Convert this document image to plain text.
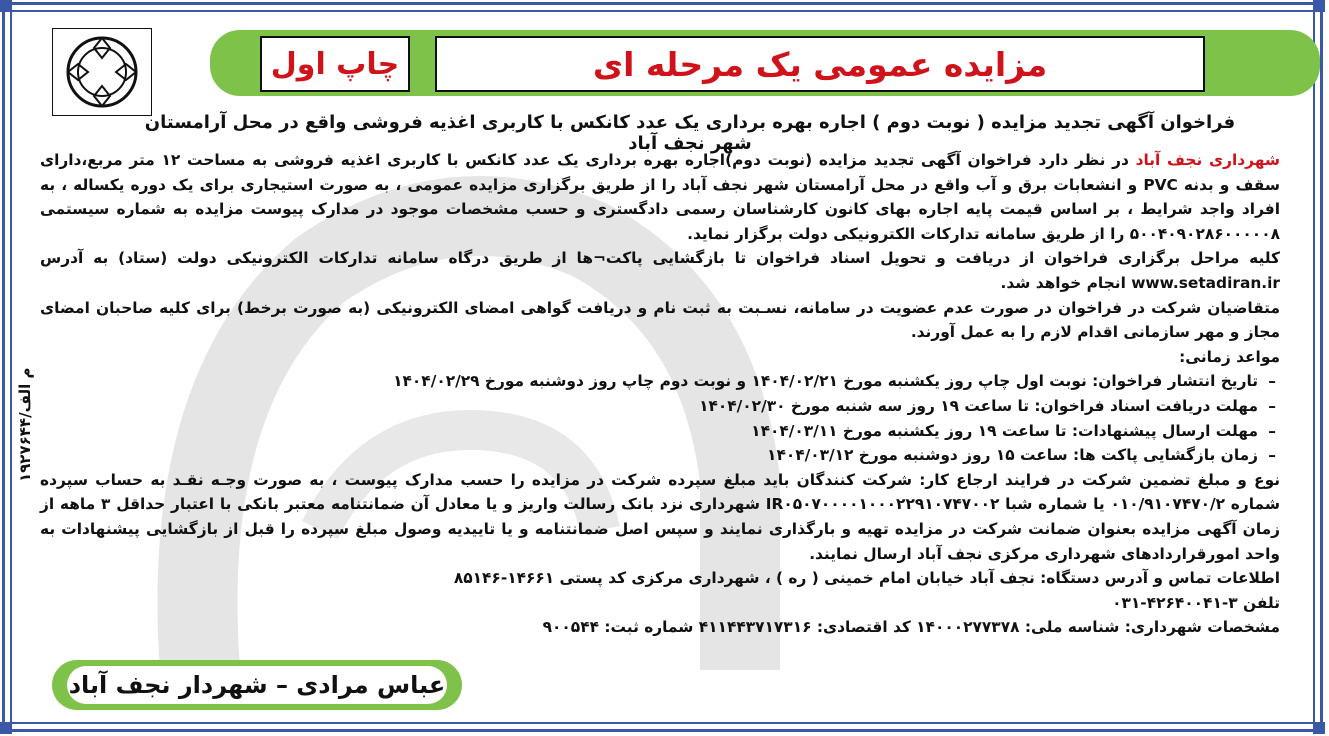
مزایده عمومی یک مرحله ای
چاپ اول
فراخوان آگهی تجدید مزایده ( نوبت دوم ) اجاره بهره برداری یک عدد کانکس با کاربری اغذیه فروشی واقع در محل آرامستان شهر نجف آباد

شهرداری نجف آباد در نظر دارد فراخوان آگهی تجدید مزایده (نوبت دوم)اجاره بهره برداری یک عدد کانکس با کاربری اغذیه فروشی به مساحت ۱۲ متر مربع،دارای سقف و بدنه PVC و انشعابات برق و آب واقع در محل آرامستان شهر نجف آباد را از طریق برگزاری مزایده عمومی ، به صورت استیجاری برای یک دوره یکساله ، به افراد واجد شرایط ، بر اساس قیمت پایه اجاره بهای کانون کارشناسان رسمی دادگستری و حسب مشخصات موجود در مدارک پیوست مزایده به شماره سیستمی ۵۰۰۴۰۹۰۲۸۶۰۰۰۰۰۸ را از طریق سامانه تدارکات الکترونیکی دولت برگزار نماید.

کلیه مراحل برگزاری فراخوان از دریافت و تحویل اسناد فراخوان تا بازگشایی پاکت¬ها از طریق درگاه سامانه تدارکات الکترونیکی دولت (ستاد) به آدرس www.setadiran.ir انجام خواهد شد.

متقاضیان شرکت در فراخوان در صورت عدم عضویت در سامانه، نسـبت به ثبت نام و دریافت گواهی امضای الکترونیکی (به صورت برخط) برای کلیه صاحبان امضای مجاز و مهر سازمانی اقدام لازم را به عمل آورند.

مواعد زمانی:

– تاریخ انتشار فراخوان: نوبت اول چاپ روز یکشنبه مورخ ۱۴۰۴/۰۲/۲۱ و نوبت دوم چاپ روز دوشنبه مورخ ۱۴۰۴/۰۲/۲۹

– مهلت دریافت اسناد فراخوان: تا ساعت ۱۹ روز سه شنبه مورخ ۱۴۰۴/۰۲/۳۰

– مهلت ارسال پیشنهادات: تا ساعت ۱۹ روز یکشنبه مورخ ۱۴۰۴/۰۳/۱۱

– زمان بازگشایی پاکت ها: ساعت ۱۵ روز دوشنبه مورخ ۱۴۰۴/۰۳/۱۲

نوع و مبلغ تضمین شرکت در فرایند ارجاع کار: شرکت کنندگان باید مبلغ سپرده شرکت در مزایده را حسب مدارک پیوست ، به صورت وجـه نقـد به حساب سپرده شماره ۰۱۰/۹۱۰۷۴۷۰/۲ یا شماره شبا IR۰۵۰۷۰۰۰۰۱۰۰۰۲۲۹۱۰۷۴۷۰۰۲ شهرداری نزد بانک رسالت واریز و یا معادل آن ضمانتنامه معتبر بانکی با اعتبار حداقل ۳ ماهه از زمان آگهی مزایده بعنوان ضمانت شرکت در مزایده تهیه و بارگذاری نمایند و سپس اصل ضمانتنامه و یا تاییدیه وصول مبلغ سپرده را قبل از بازگشایی پیشنهادات به واحد امورقراردادهای شهرداری مرکزی نجف آباد ارسال نمایند.

اطلاعات تماس و آدرس دستگاه: نجف آباد خیابان امام خمینی ( ره ) ، شهرداری مرکزی کد پستی ۱۴۶۶۱-۸۵۱۴۶

تلفن ۳-۴۲۶۴۰۰۴۱-۰۳۱

مشخصات شهرداری: شناسه ملی: ۱۴۰۰۰۲۷۷۳۷۸ کد اقتصادی: ۴۱۱۴۴۳۷۱۷۳۱۶ شماره ثبت: ۹۰۰۵۴۴

۱۹۲۷۶۴۴/م الف
عباس مرادی – شهردار نجف آباد
